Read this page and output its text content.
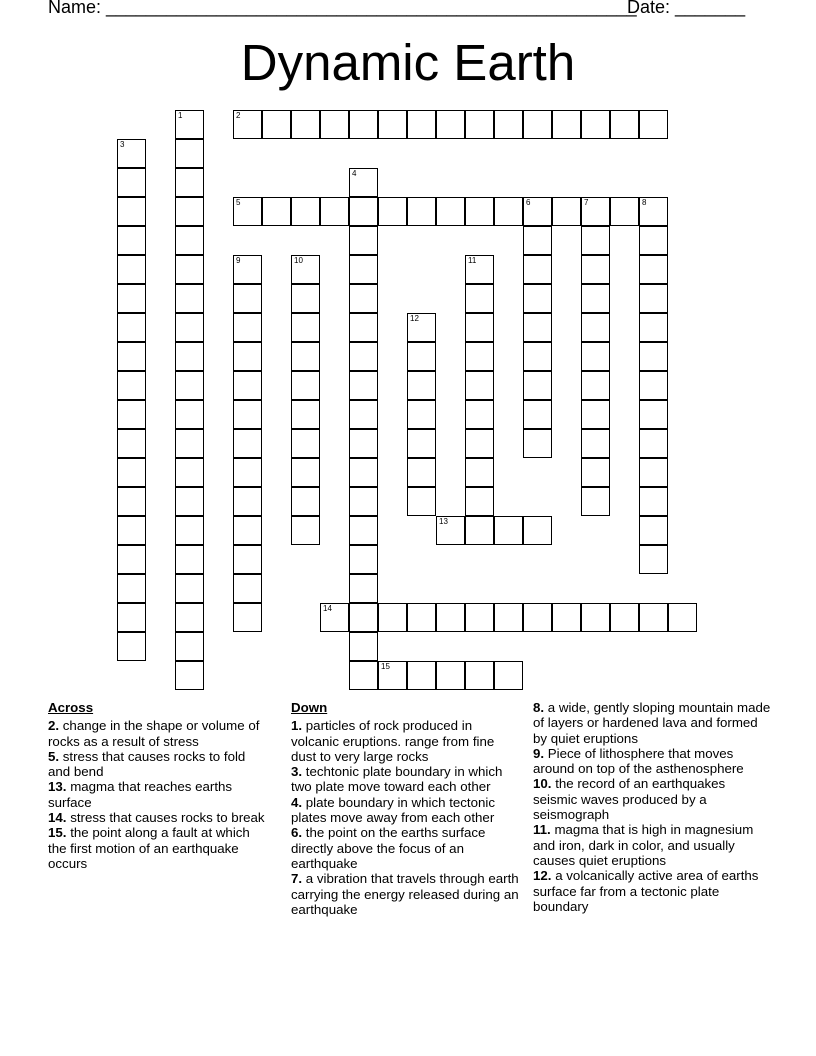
Name: _____________________________________________________
Date: _______
Dynamic Earth
1	2
3
4
5	6	7	8
9	10	11
12
13
14
15
Across
2. change in the shape or volume of rocks as a result of stress
5. stress that causes rocks to fold and bend
13. magma that reaches earths surface
14. stress that causes rocks to break
15. the point along a fault at which the first motion of an earthquake occurs
Down
1. particles of rock produced in volcanic eruptions. range from fine dust to very large rocks
3. techtonic plate boundary in which two plate move toward each other
4. plate boundary in which tectonic plates move away from each other
6. the point on the earths surface directly above the focus of an earthquake
7. a vibration that travels through earth carrying the energy released during an earthquake
8. a wide, gently sloping mountain made of layers or hardened lava and formed by quiet eruptions
9. Piece of lithosphere that moves around on top of the asthenosphere
10. the record of an earthquakes seismic waves produced by a seismograph
11. magma that is high in magnesium and iron, dark in color, and usually causes quiet eruptions
12. a volcanically active area of earths surface far from a tectonic plate boundary
